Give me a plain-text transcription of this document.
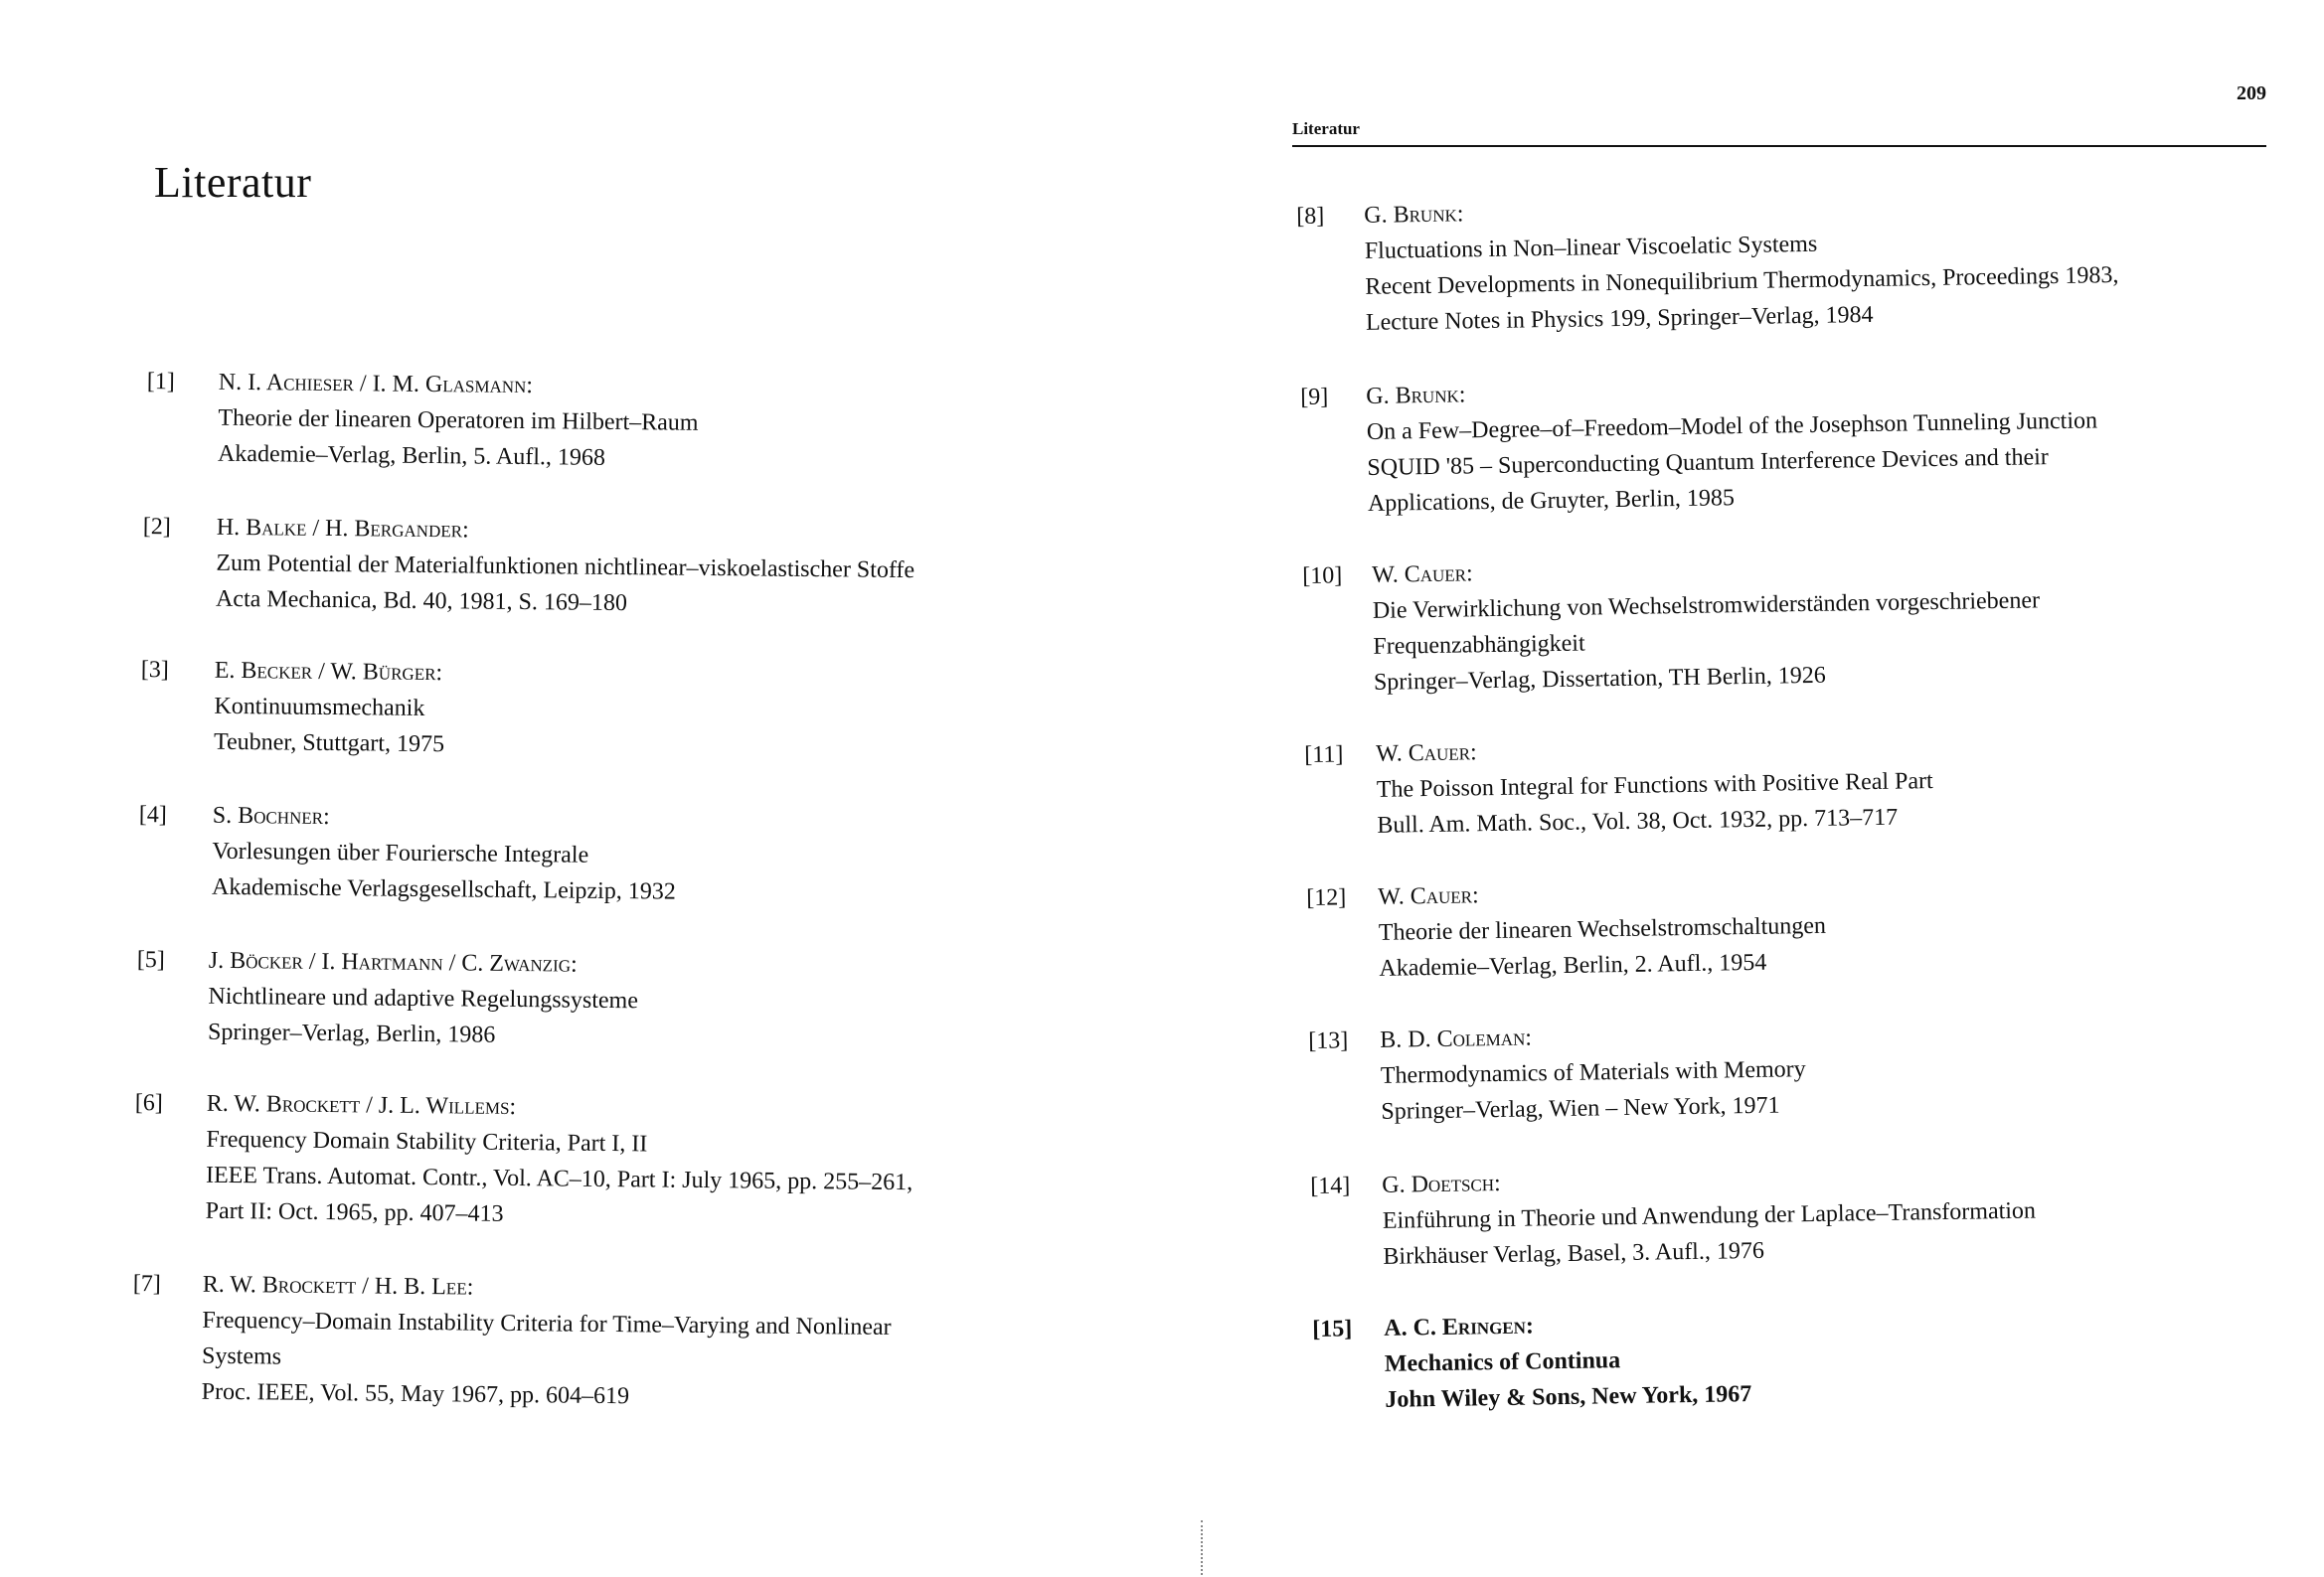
Literatur
[1] N. I. Achieser / I. M. Glasmann:
Theorie der linearen Operatoren im Hilbert–Raum
Akademie–Verlag, Berlin, 5. Aufl., 1968
[2] H. Balke / H. Bergander:
Zum Potential der Materialfunktionen nichtlinear–viskoelastischer Stoffe
Acta Mechanica, Bd. 40, 1981, S. 169–180
[3] E. Becker / W. Bürger:
Kontinuumsmechanik
Teubner, Stuttgart, 1975
[4] S. Bochner:
Vorlesungen über Fouriersche Integrale
Akademische Verlagsgesellschaft, Leipzip, 1932
[5] J. Böcker / I. Hartmann / C. Zwanzig:
Nichtlineare und adaptive Regelungssysteme
Springer–Verlag, Berlin, 1986
[6] R. W. Brockett / J. L. Willems:
Frequency Domain Stability Criteria, Part I, II
IEEE Trans. Automat. Contr., Vol. AC–10, Part I: July 1965, pp. 255–261,
Part II: Oct. 1965, pp. 407–413
[7] R. W. Brockett / H. B. Lee:
Frequency–Domain Instability Criteria for Time–Varying and Nonlinear
Systems
Proc. IEEE, Vol. 55, May 1967, pp. 604–619
Literatur
209
[8] G. Brunk:
Fluctuations in Non–linear Viscoelatic Systems
Recent Developments in Nonequilibrium Thermodynamics, Proceedings 1983,
Lecture Notes in Physics 199, Springer–Verlag, 1984
[9] G. Brunk:
On a Few–Degree–of–Freedom–Model of the Josephson Tunneling Junction
SQUID '85 – Superconducting Quantum Interference Devices and their
Applications, de Gruyter, Berlin, 1985
[10] W. Cauer:
Die Verwirklichung von Wechselstromwiderständen vorgeschriebener
Frequenzabhängigkeit
Springer–Verlag, Dissertation, TH Berlin, 1926
[11] W. Cauer:
The Poisson Integral for Functions with Positive Real Part
Bull. Am. Math. Soc., Vol. 38, Oct. 1932, pp. 713–717
[12] W. Cauer:
Theorie der linearen Wechselstromschaltungen
Akademie–Verlag, Berlin, 2. Aufl., 1954
[13] B. D. Coleman:
Thermodynamics of Materials with Memory
Springer–Verlag, Wien – New York, 1971
[14] G. Doetsch:
Einführung in Theorie und Anwendung der Laplace–Transformation
Birkhäuser Verlag, Basel, 3. Aufl., 1976
[15] A. C. Eringen:
Mechanics of Continua
John Wiley & Sons, New York, 1967
